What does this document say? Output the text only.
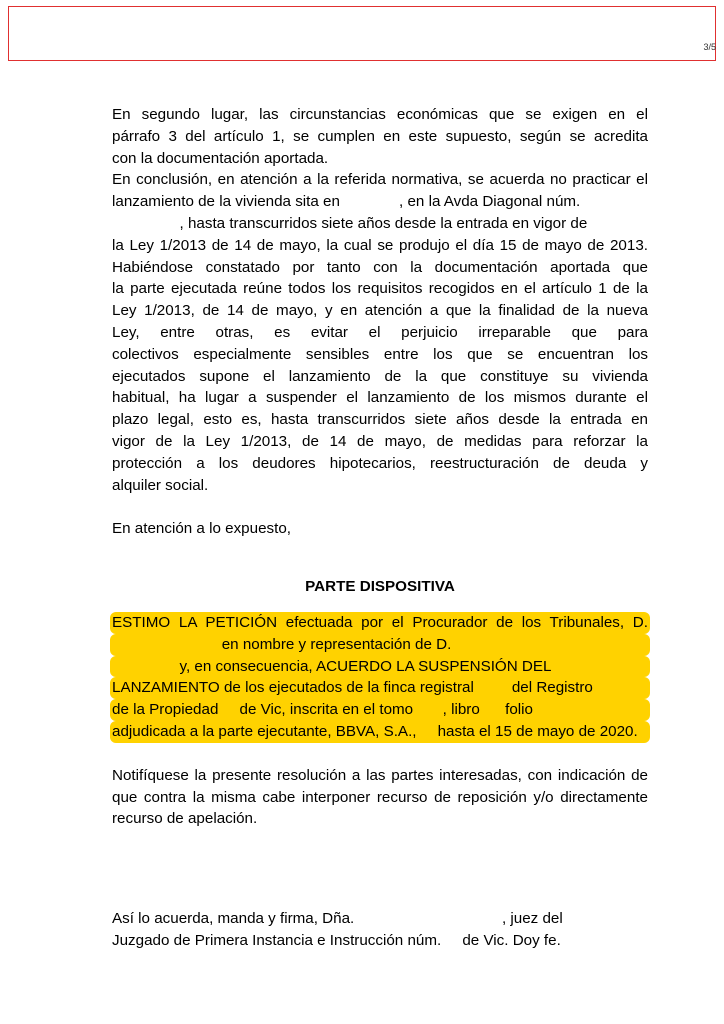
3/5

En segundo lugar, las circunstancias económicas que se exigen en el
párrafo 3 del artículo 1, se cumplen en este supuesto, según se acredita
con la documentación aportada.

En conclusión, en atención a la referida normativa, se acuerda no practicar el
lanzamiento de la vivienda sita en              , en la Avda Diagonal núm.
, hasta transcurridos siete años desde la entrada en vigor de
la Ley 1/2013 de 14 de mayo, la cual se produjo el día 15 de mayo de 2013.
Habiéndose constatado por tanto con la documentación aportada que
la parte ejecutada reúne todos los requisitos recogidos en el artículo 1 de la
Ley 1/2013, de 14 de mayo, y en atención a que la finalidad de la nueva
Ley, entre otras, es evitar el perjuicio irreparable que para
colectivos especialmente sensibles entre los que se encuentran los
ejecutados supone el lanzamiento de la que constituye su vivienda
habitual, ha lugar a suspender el lanzamiento de los mismos durante el
plazo legal, esto es, hasta transcurridos siete años desde la entrada en
vigor de la Ley 1/2013, de 14 de mayo, de medidas para reforzar la
protección a los deudores hipotecarios, reestructuración de deuda y
alquiler social.

En atención a lo expuesto,

PARTE DISPOSITIVA

ESTIMO LA PETICIÓN efectuada por el Procurador de los Tribunales, D.
en nombre y representación de D.
y, en consecuencia, ACUERDO LA SUSPENSIÓN DEL
LANZAMIENTO de los ejecutados de la finca registral         del Registro
de la Propiedad     de Vic, inscrita en el tomo       , libro      folio
adjudicada a la parte ejecutante, BBVA, S.A.,     hasta el 15 de mayo de 2020.

Notifíquese la presente resolución a las partes interesadas, con indicación de
que contra la misma cabe interponer recurso de reposición y/o directamente
recurso de apelación.

Así lo acuerda, manda y firma, Dña.                                   , juez del
Juzgado de Primera Instancia e Instrucción núm.     de Vic. Doy fe.
